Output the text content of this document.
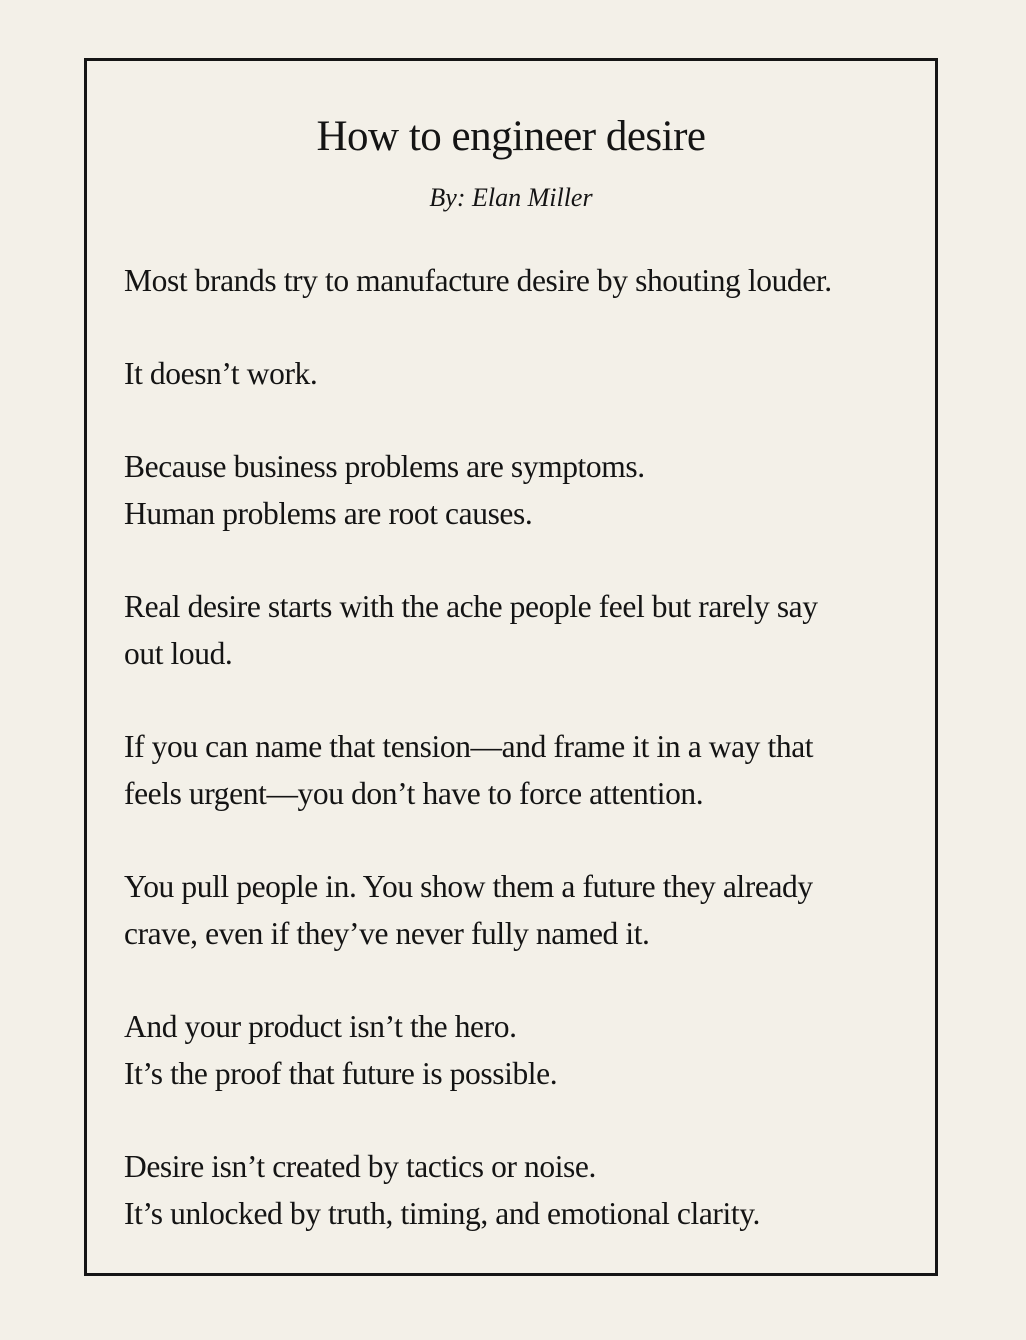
How to engineer desire

By: Elan Miller

Most brands try to manufacture desire by shouting louder.

It doesn’t work.

Because business problems are symptoms.
Human problems are root causes.

Real desire starts with the ache people feel but rarely say
out loud.

If you can name that tension—and frame it in a way that
feels urgent—you don’t have to force attention.

You pull people in. You show them a future they already
crave, even if they’ve never fully named it.

And your product isn’t the hero.
It’s the proof that future is possible.

Desire isn’t created by tactics or noise.
It’s unlocked by truth, timing, and emotional clarity.
